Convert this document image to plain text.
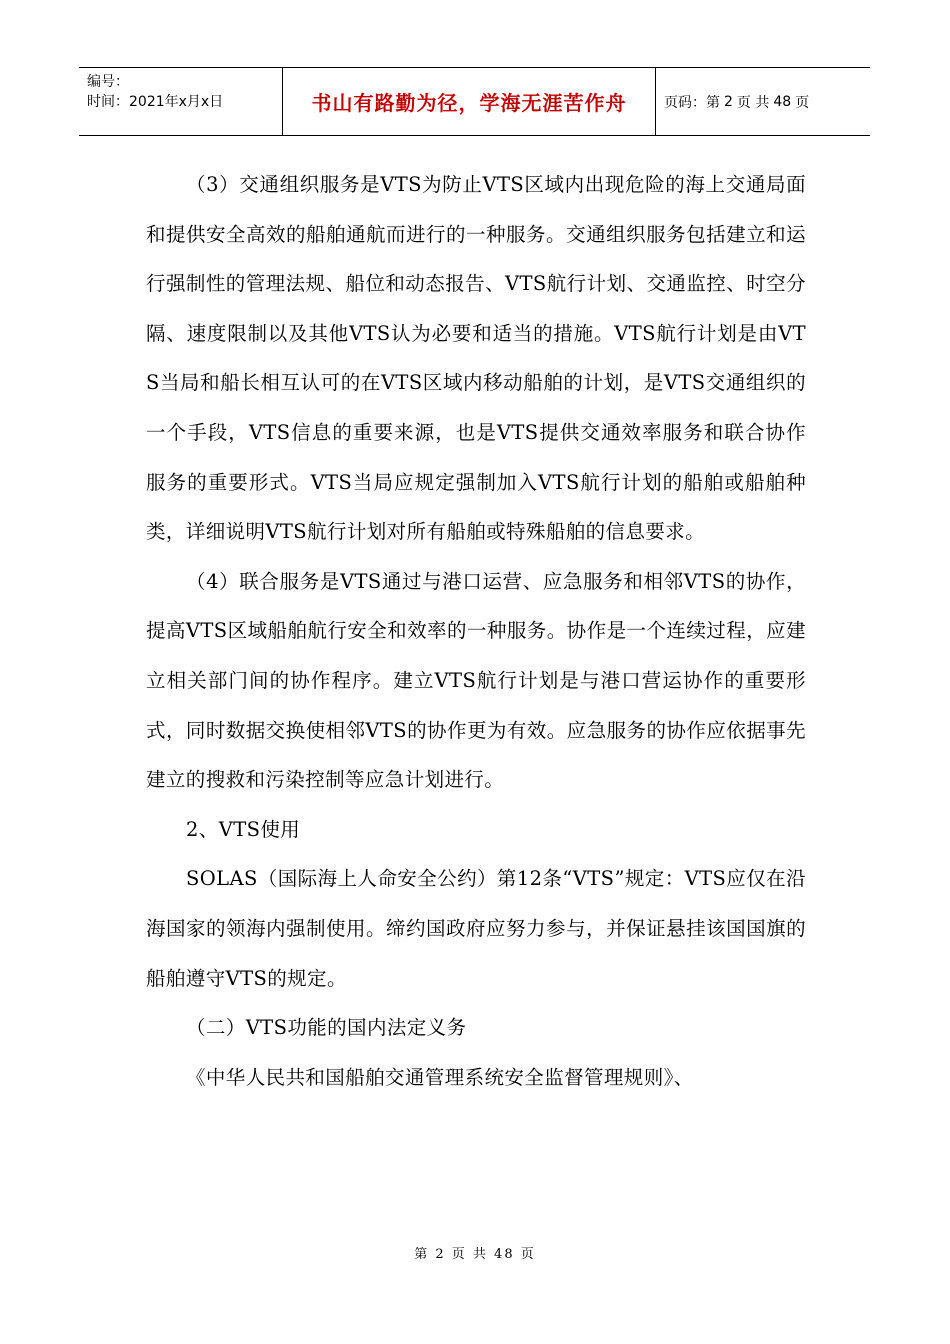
编号：
时间：2021年x月x日	书山有路勤为径，学海无涯苦作舟	页码：第 2 页 共 48 页

（3）交通组织服务是VTS为防止VTS区域内出现危险的海上交通局面和提供安全高效的船舶通航而进行的一种服务。交通组织服务包括建立和运行强制性的管理法规、船位和动态报告、VTS航行计划、交通监控、时空分隔、速度限制以及其他VTS认为必要和适当的措施。VTS航行计划是由VTS当局和船长相互认可的在VTS区域内移动船舶的计划，是VTS交通组织的一个手段，VTS信息的重要来源，也是VTS提供交通效率服务和联合协作服务的重要形式。VTS当局应规定强制加入VTS航行计划的船舶或船舶种类，详细说明VTS航行计划对所有船舶或特殊船舶的信息要求。

（4）联合服务是VTS通过与港口运营、应急服务和相邻VTS的协作，提高VTS区域船舶航行安全和效率的一种服务。协作是一个连续过程，应建立相关部门间的协作程序。建立VTS航行计划是与港口营运协作的重要形式，同时数据交换使相邻VTS的协作更为有效。应急服务的协作应依据事先建立的搜救和污染控制等应急计划进行。

2、VTS使用

SOLAS（国际海上人命安全公约）第12条“VTS”规定：VTS应仅在沿海国家的领海内强制使用。缔约国政府应努力参与，并保证悬挂该国国旗的船舶遵守VTS的规定。

（二）VTS功能的国内法定义务

《中华人民共和国船舶交通管理系统安全监督管理规则》、

第 2 页 共 48 页
